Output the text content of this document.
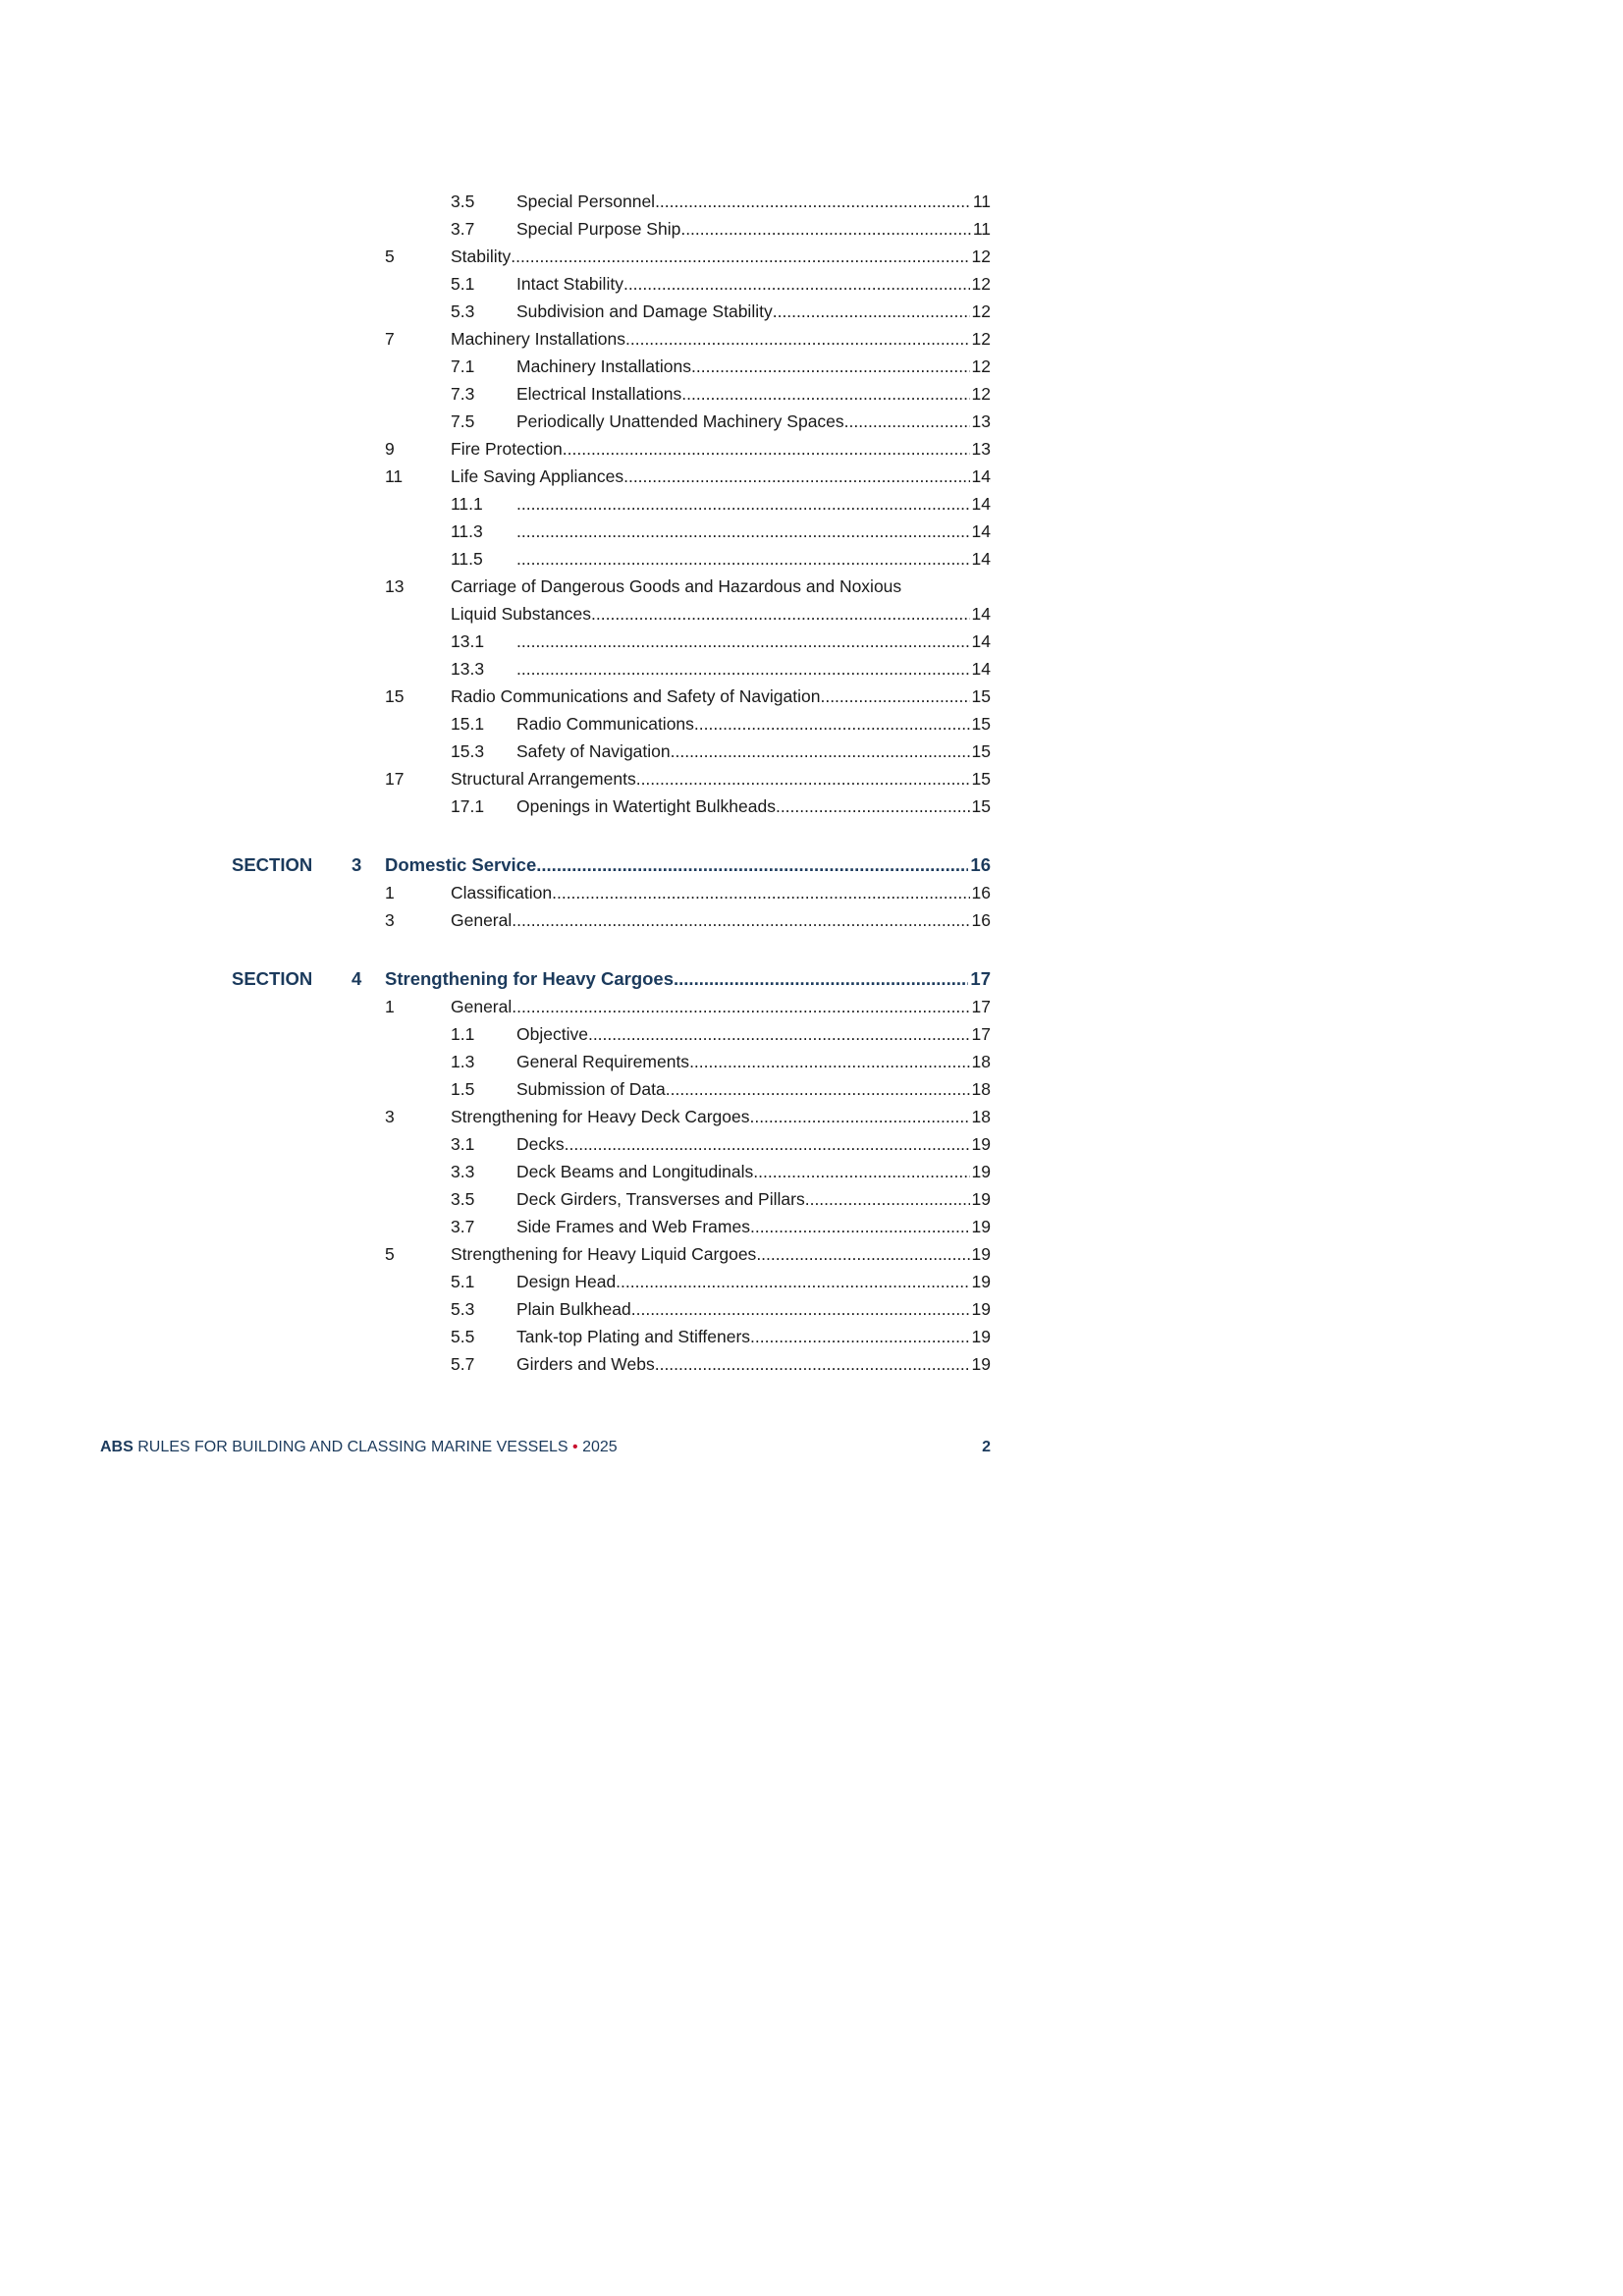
3.5 Special Personnel .....	11
3.7 Special Purpose Ship .....	11
5	Stability .....	12
5.1 Intact Stability .....	12
5.3 Subdivision and Damage Stability .....	12
7	Machinery Installations .....	12
7.1 Machinery Installations .....	12
7.3 Electrical Installations .....	12
7.5 Periodically Unattended Machinery Spaces .....	13
9	Fire Protection .....	13
11	Life Saving Appliances .....	14
11.1 .....	14
11.3 .....	14
11.5 .....	14
13	Carriage of Dangerous Goods and Hazardous and Noxious
Liquid Substances .....	14
13.1 .....	14
13.3 .....	14
15	Radio Communications and Safety of Navigation .....	15
15.1 Radio Communications .....	15
15.3 Safety of Navigation .....	15
17	Structural Arrangements .....	15
17.1 Openings in Watertight Bulkheads .....	15
SECTION 3 Domestic Service .....	16
1	Classification .....	16
3	General .....	16
SECTION 4 Strengthening for Heavy Cargoes .....	17
1	General .....	17
1.1 Objective .....	17
1.3 General Requirements .....	18
1.5 Submission of Data .....	18
3	Strengthening for Heavy Deck Cargoes .....	18
3.1 Decks .....	19
3.3 Deck Beams and Longitudinals .....	19
3.5 Deck Girders, Transverses and Pillars .....	19
3.7 Side Frames and Web Frames .....	19
5	Strengthening for Heavy Liquid Cargoes .....	19
5.1 Design Head .....	19
5.3 Plain Bulkhead .....	19
5.5 Tank-top Plating and Stiffeners .....	19
5.7 Girders and Webs .....	19
ABS RULES FOR BUILDING AND CLASSING MARINE VESSELS • 2025	2
